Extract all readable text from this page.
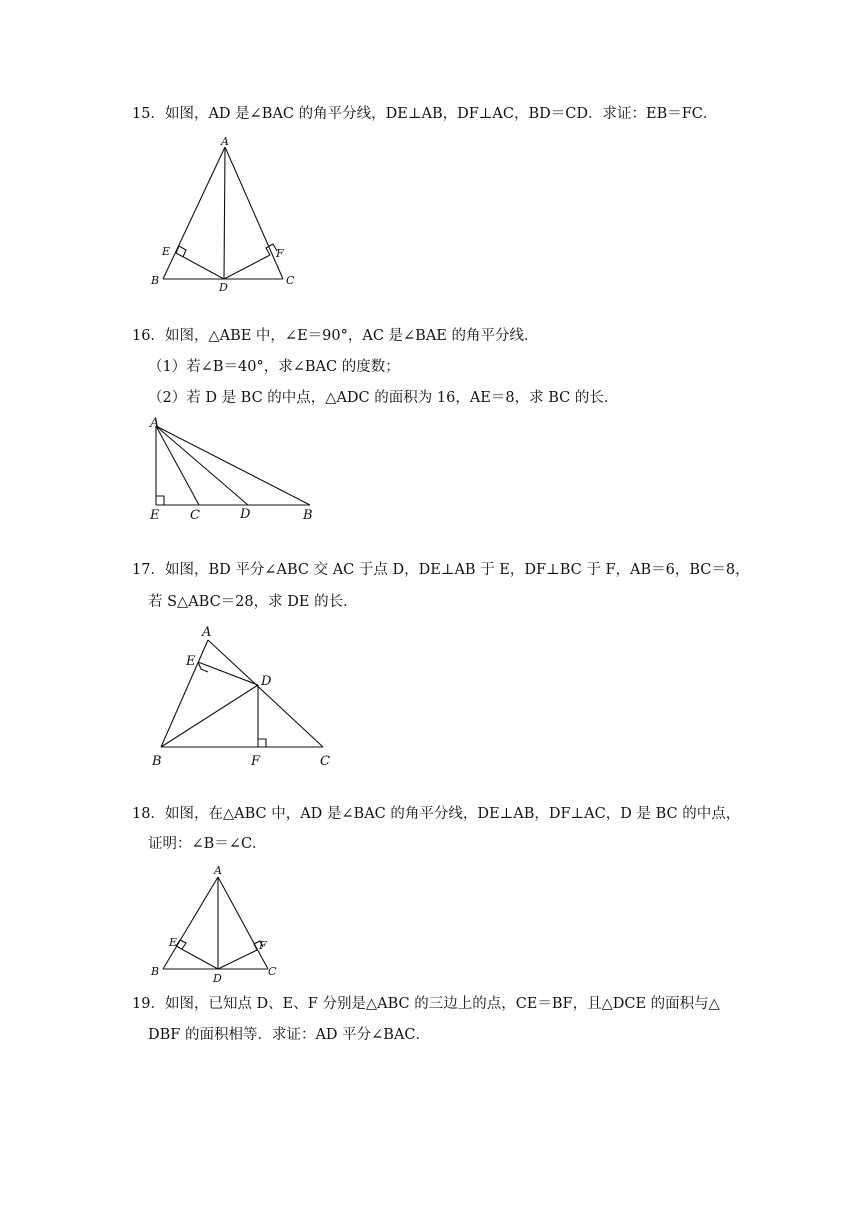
15．如图，AD 是∠BAC 的角平分线，DE⊥AB，DF⊥AC，BD＝CD．求证：EB＝FC．
A
B	C
D
E	F
16．如图，△ABE 中，∠E＝90°，AC 是∠BAE 的角平分线．
（1）若∠B＝40°，求∠BAC 的度数；
（2）若 D 是 BC 的中点，△ADC 的面积为 16，AE＝8，求 BC 的长．
A
E C	D	B
17．如图，BD 平分∠ABC 交 AC 于点 D，DE⊥AB 于 E，DF⊥BC 于 F，AB＝6，BC＝8，
若 S△ABC＝28，求 DE 的长．
A
E
D
B	F	C
18．如图，在△ABC 中，AD 是∠BAC 的角平分线，DE⊥AB，DF⊥AC，D 是 BC 的中点，
证明：∠B＝∠C．
A
E	F
B
D
C
19．如图，已知点 D、E、F 分别是△ABC 的三边上的点，CE＝BF，且△DCE 的面积与△
DBF 的面积相等．求证：AD 平分∠BAC．
